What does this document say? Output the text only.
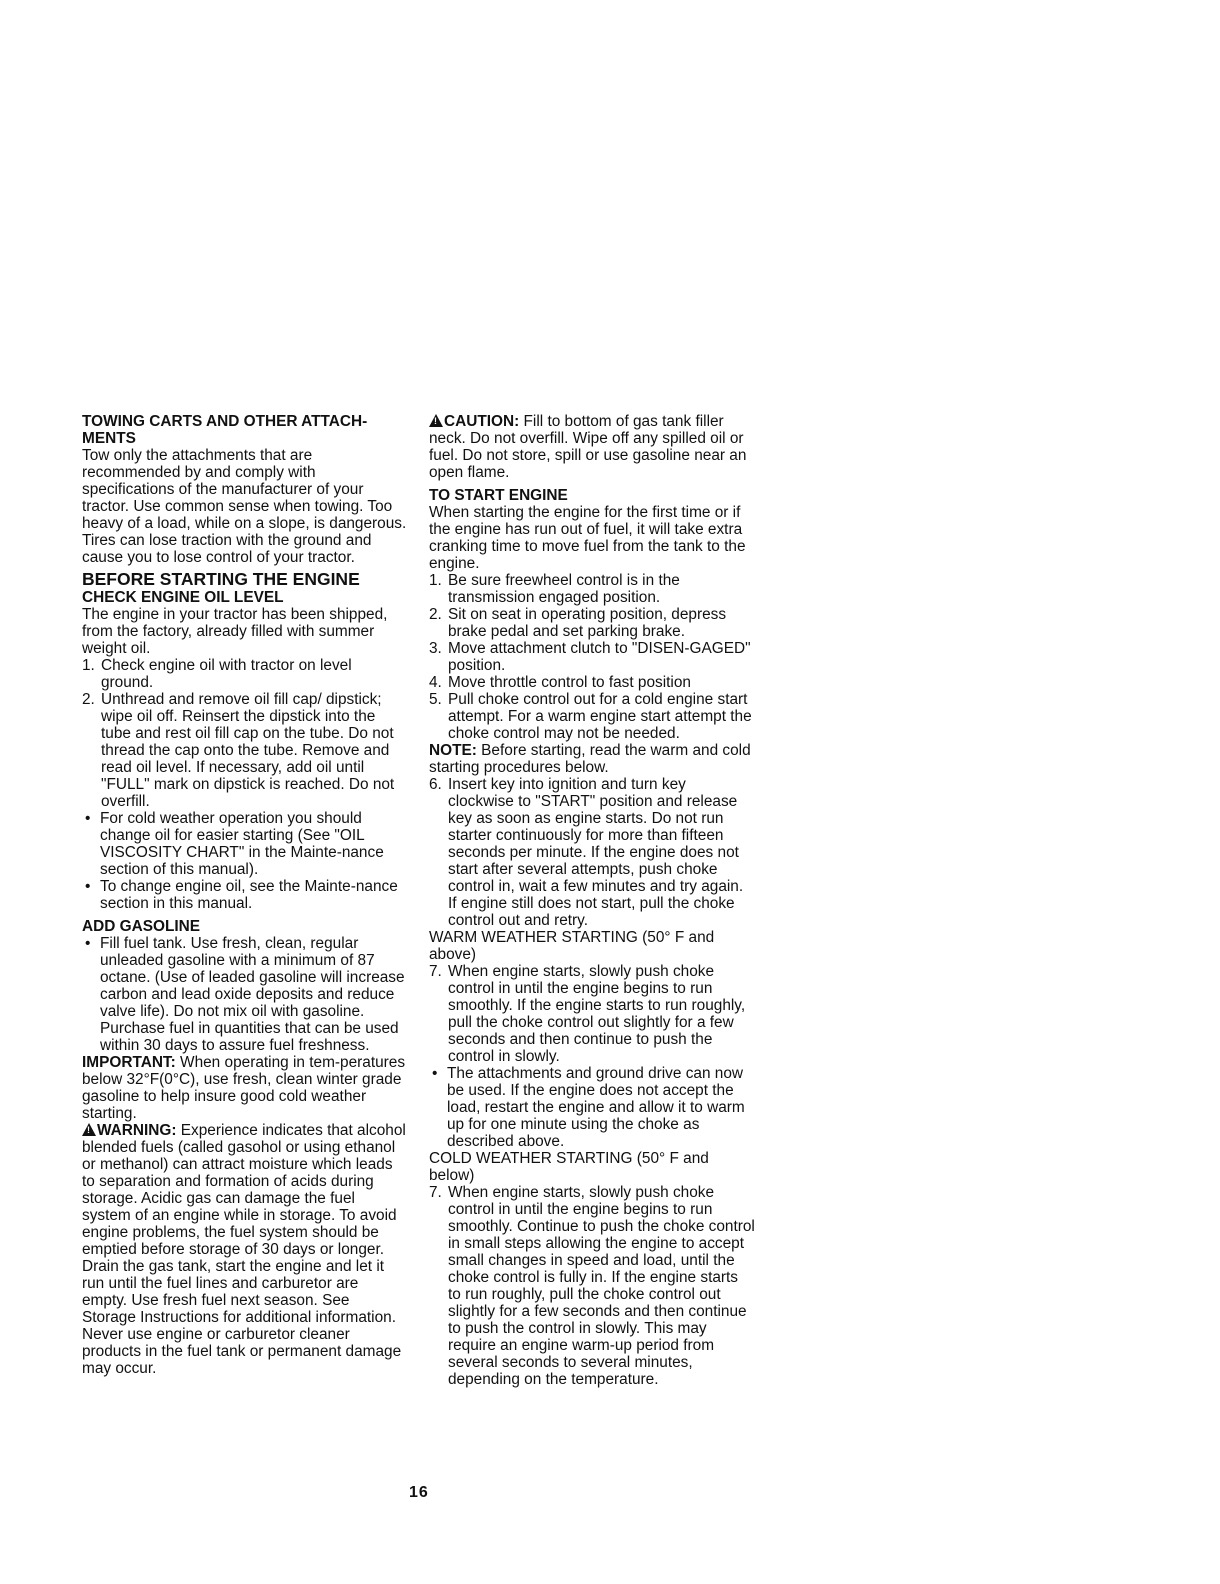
TOWING CARTS AND OTHER ATTACH-MENTS

Tow only the attachments that are recommended by and comply with specifications of the manufacturer of your tractor. Use common sense when towing. Too heavy of a load, while on a slope, is dangerous. Tires can lose traction with the ground and cause you to lose control of your tractor.

BEFORE STARTING THE ENGINE

CHECK ENGINE OIL LEVEL

The engine in your tractor has been shipped, from the factory, already filled with summer weight oil.

1. Check engine oil with tractor on level ground.
2. Unthread and remove oil fill cap/ dipstick; wipe oil off. Reinsert the dipstick into the tube and rest oil fill cap on the tube. Do not thread the cap onto the tube. Remove and read oil level. If necessary, add oil until "FULL" mark on dipstick is reached. Do not overfill.
• For cold weather operation you should change oil for easier starting (See "OIL VISCOSITY CHART" in the Mainte-nance section of this manual).
• To change engine oil, see the Mainte-nance section in this manual.

ADD GASOLINE

• Fill fuel tank. Use fresh, clean, regular unleaded gasoline with a minimum of 87 octane. (Use of leaded gasoline will increase carbon and lead oxide deposits and reduce valve life). Do not mix oil with gasoline. Purchase fuel in quantities that can be used within 30 days to assure fuel freshness.

IMPORTANT: When operating in tem-peratures below 32°F(0°C), use fresh, clean winter grade gasoline to help insure good cold weather starting.

!WARNING: Experience indicates that alcohol blended fuels (called gasohol or using ethanol or methanol) can attract moisture which leads to separation and formation of acids during storage. Acidic gas can damage the fuel system of an engine while in storage. To avoid engine problems, the fuel system should be emptied before storage of 30 days or longer. Drain the gas tank, start the engine and let it run until the fuel lines and carburetor are empty. Use fresh fuel next season. See Storage Instructions for additional information. Never use engine or carburetor cleaner products in the fuel tank or permanent damage may occur.

!CAUTION: Fill to bottom of gas tank filler neck. Do not overfill. Wipe off any spilled oil or fuel. Do not store, spill or use gasoline near an open flame.

TO START ENGINE

When starting the engine for the first time or if the engine has run out of fuel, it will take extra cranking time to move fuel from the tank to the engine.

1. Be sure freewheel control is in the transmission engaged position.
2. Sit on seat in operating position, depress brake pedal and set parking brake.
3. Move attachment clutch to "DISEN-GAGED" position.
4. Move throttle control to fast position
5. Pull choke control out for a cold engine start attempt. For a warm engine start attempt the choke control may not be needed.

NOTE: Before starting, read the warm and cold starting procedures below.

6. Insert key into ignition and turn key clockwise to "START" position and release key as soon as engine starts. Do not run starter continuously for more than fifteen seconds per minute. If the engine does not start after several attempts, push choke control in, wait a few minutes and try again. If engine still does not start, pull the choke control out and retry.

WARM WEATHER STARTING (50° F and above)

7. When engine starts, slowly push choke control in until the engine begins to run smoothly. If the engine starts to run roughly, pull the choke control out slightly for a few seconds and then continue to push the control in slowly.
• The attachments and ground drive can now be used. If the engine does not accept the load, restart the engine and allow it to warm up for one minute using the choke as described above.

COLD WEATHER STARTING (50° F and below)

7. When engine starts, slowly push choke control in until the engine begins to run smoothly. Continue to push the choke control in small steps allowing the engine to accept small changes in speed and load, until the choke control is fully in. If the engine starts to run roughly, pull the choke control out slightly for a few seconds and then continue to push the control in slowly. This may require an engine warm-up period from several seconds to several minutes, depending on the temperature.
16
